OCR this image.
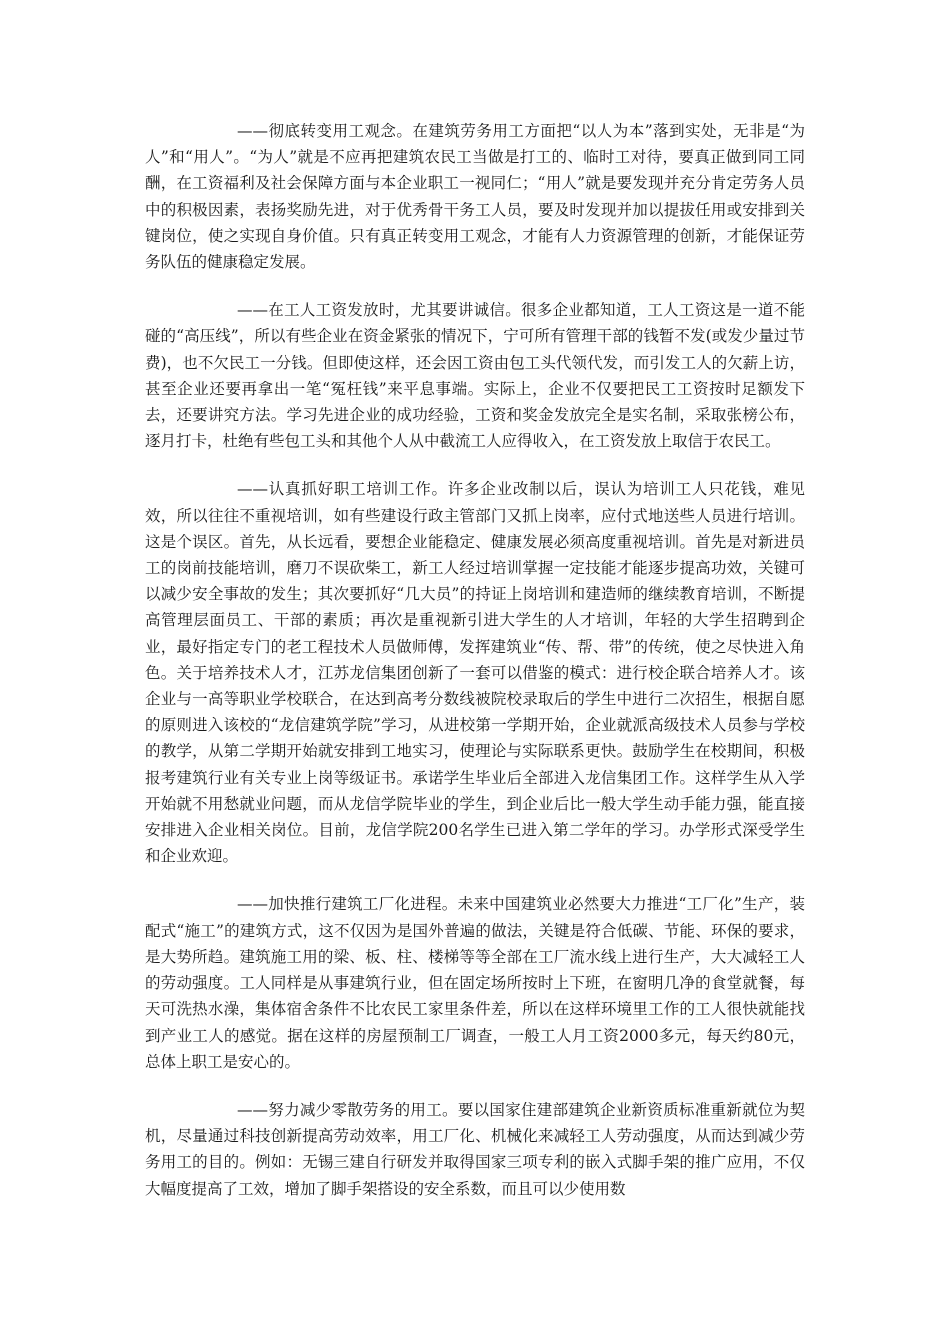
——彻底转变用工观念。在建筑劳务用工方面把“以人为本”落到实处，无非是“为人”和“用人”。“为人”就是不应再把建筑农民工当做是打工的、临时工对待，要真正做到同工同酬，在工资福利及社会保障方面与本企业职工一视同仁；“用人”就是要发现并充分肯定劳务人员中的积极因素，表扬奖励先进，对于优秀骨干务工人员，要及时发现并加以提拔任用或安排到关键岗位，使之实现自身价值。只有真正转变用工观念，才能有人力资源管理的创新，才能保证劳务队伍的健康稳定发展。

——在工人工资发放时，尤其要讲诚信。很多企业都知道，工人工资这是一道不能碰的“高压线”，所以有些企业在资金紧张的情况下，宁可所有管理干部的钱暂不发(或发少量过节费)，也不欠民工一分钱。但即使这样，还会因工资由包工头代领代发，而引发工人的欠薪上访，甚至企业还要再拿出一笔“冤枉钱”来平息事端。实际上，企业不仅要把民工工资按时足额发下去，还要讲究方法。学习先进企业的成功经验，工资和奖金发放完全是实名制，采取张榜公布，逐月打卡，杜绝有些包工头和其他个人从中截流工人应得收入，在工资发放上取信于农民工。

——认真抓好职工培训工作。许多企业改制以后，误认为培训工人只花钱，难见效，所以往往不重视培训，如有些建设行政主管部门又抓上岗率，应付式地送些人员进行培训。这是个误区。首先，从长远看，要想企业能稳定、健康发展必须高度重视培训。首先是对新进员工的岗前技能培训，磨刀不误砍柴工，新工人经过培训掌握一定技能才能逐步提高功效，关键可以减少安全事故的发生；其次要抓好“几大员”的持证上岗培训和建造师的继续教育培训，不断提高管理层面员工、干部的素质；再次是重视新引进大学生的人才培训，年轻的大学生招聘到企业，最好指定专门的老工程技术人员做师傅，发挥建筑业“传、帮、带”的传统，使之尽快进入角色。关于培养技术人才，江苏龙信集团创新了一套可以借鉴的模式：进行校企联合培养人才。该企业与一高等职业学校联合，在达到高考分数线被院校录取后的学生中进行二次招生，根据自愿的原则进入该校的“龙信建筑学院”学习，从进校第一学期开始，企业就派高级技术人员参与学校的教学，从第二学期开始就安排到工地实习，使理论与实际联系更快。鼓励学生在校期间，积极报考建筑行业有关专业上岗等级证书。承诺学生毕业后全部进入龙信集团工作。这样学生从入学开始就不用愁就业问题，而从龙信学院毕业的学生，到企业后比一般大学生动手能力强，能直接安排进入企业相关岗位。目前，龙信学院200名学生已进入第二学年的学习。办学形式深受学生和企业欢迎。

——加快推行建筑工厂化进程。未来中国建筑业必然要大力推进“工厂化”生产，装配式“施工”的建筑方式，这不仅因为是国外普遍的做法，关键是符合低碳、节能、环保的要求，是大势所趋。建筑施工用的梁、板、柱、楼梯等等全部在工厂流水线上进行生产，大大减轻工人的劳动强度。工人同样是从事建筑行业，但在固定场所按时上下班，在窗明几净的食堂就餐，每天可洗热水澡，集体宿舍条件不比农民工家里条件差，所以在这样环境里工作的工人很快就能找到产业工人的感觉。据在这样的房屋预制工厂调查，一般工人月工资2000多元，每天约80元，总体上职工是安心的。

——努力减少零散劳务的用工。要以国家住建部建筑企业新资质标准重新就位为契机，尽量通过科技创新提高劳动效率，用工厂化、机械化来减轻工人劳动强度，从而达到减少劳务用工的目的。例如：无锡三建自行研发并取得国家三项专利的嵌入式脚手架的推广应用，不仅大幅度提高了工效，增加了脚手架搭设的安全系数，而且可以少使用数
